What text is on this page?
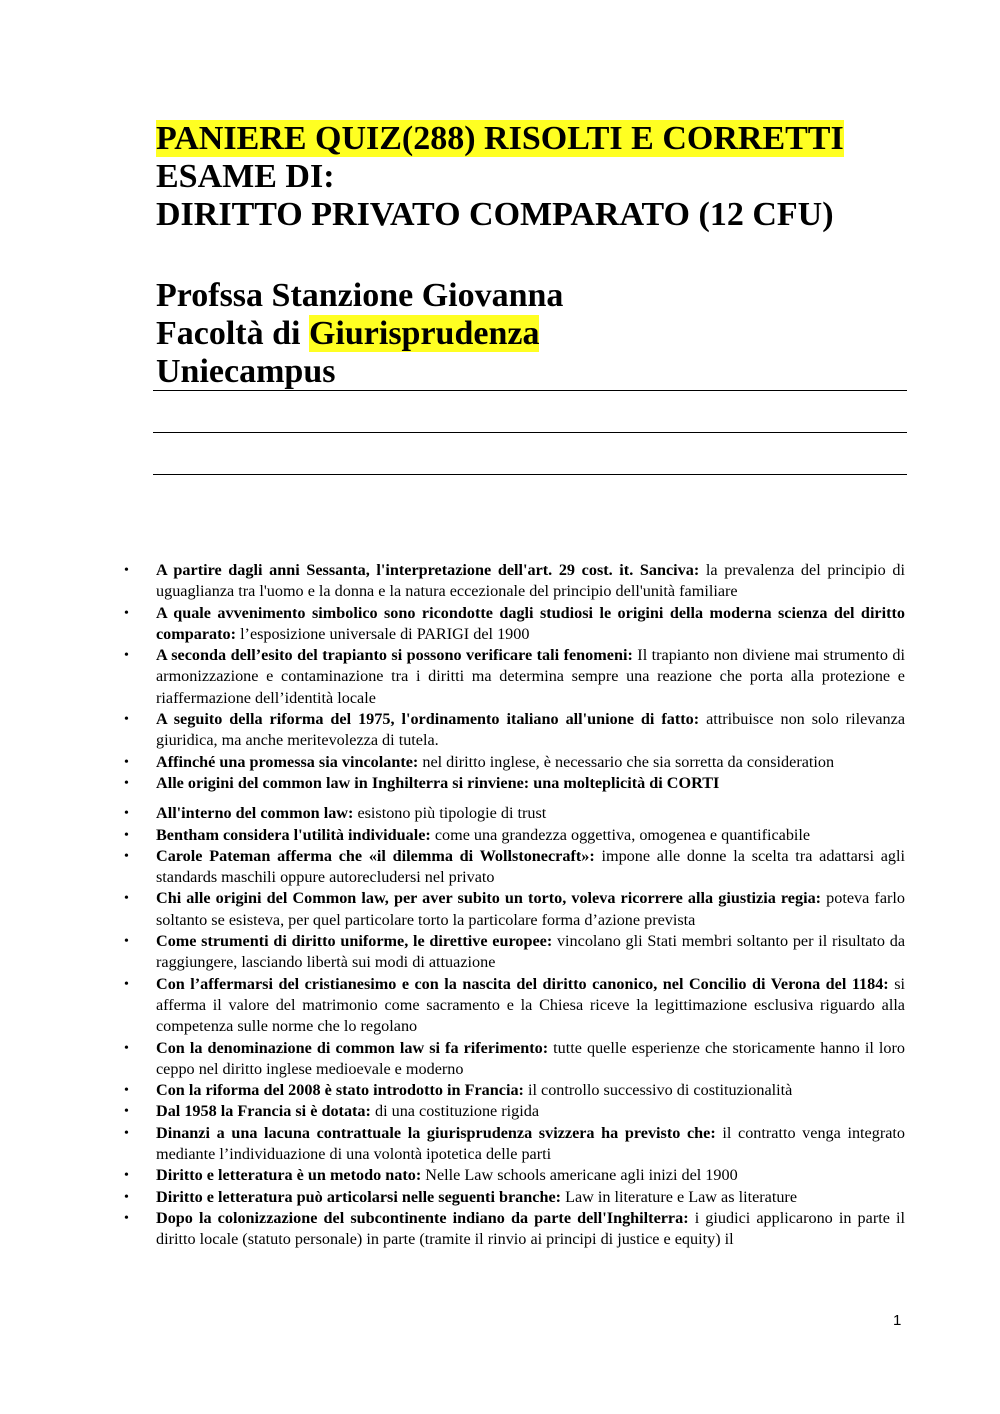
PANIERE QUIZ(288) RISOLTI E CORRETTI
ESAME DI:
DIRITTO PRIVATO COMPARATO (12 CFU)
Profssa Stanzione Giovanna
Facoltà di Giurisprudenza
Uniecampus
• A partire dagli anni Sessanta, l'interpretazione dell'art. 29 cost. it. Sanciva: la prevalenza del principio di uguaglianza tra l'uomo e la donna e la natura eccezionale del principio dell'unità familiare
• A quale avvenimento simbolico sono ricondotte dagli studiosi le origini della moderna scienza del diritto comparato: l’esposizione universale di PARIGI del 1900
• A seconda dell’esito del trapianto si possono verificare tali fenomeni: Il trapianto non diviene mai strumento di armonizzazione e contaminazione tra i diritti ma determina sempre una reazione che porta alla protezione e riaffermazione dell’identità locale
• A seguito della riforma del 1975, l'ordinamento italiano all'unione di fatto: attribuisce non solo rilevanza giuridica, ma anche meritevolezza di tutela.
• Affinché una promessa sia vincolante: nel diritto inglese, è necessario che sia sorretta da consideration
• Alle origini del common law in Inghilterra si rinviene: una molteplicità di CORTI
• All'interno del common law: esistono più tipologie di trust
• Bentham considera l'utilità individuale: come una grandezza oggettiva, omogenea e quantificabile
• Carole Pateman afferma che «il dilemma di Wollstonecraft»: impone alle donne la scelta tra adattarsi agli standards maschili oppure autorecludersi nel privato
• Chi alle origini del Common law, per aver subito un torto, voleva ricorrere alla giustizia regia: poteva farlo soltanto se esisteva, per quel particolare torto la particolare forma d’azione prevista
• Come strumenti di diritto uniforme, le direttive europee: vincolano gli Stati membri soltanto per il risultato da raggiungere, lasciando libertà sui modi di attuazione
• Con l’affermarsi del cristianesimo e con la nascita del diritto canonico, nel Concilio di Verona del 1184: si afferma il valore del matrimonio come sacramento e la Chiesa riceve la legittimazione esclusiva riguardo alla competenza sulle norme che lo regolano
• Con la denominazione di common law si fa riferimento: tutte quelle esperienze che storicamente hanno il loro ceppo nel diritto inglese medioevale e moderno
• Con la riforma del 2008 è stato introdotto in Francia: il controllo successivo di costituzionalità
• Dal 1958 la Francia si è dotata: di una costituzione rigida
• Dinanzi a una lacuna contrattuale la giurisprudenza svizzera ha previsto che: il contratto venga integrato mediante l’individuazione di una volontà ipotetica delle parti
• Diritto e letteratura è un metodo nato: Nelle Law schools americane agli inizi del 1900
• Diritto e letteratura può articolarsi nelle seguenti branche: Law in literature e Law as literature
• Dopo la colonizzazione del subcontinente indiano da parte dell'Inghilterra: i giudici applicarono in parte il diritto locale (statuto personale) in parte (tramite il rinvio ai principi di justice e equity) il
1
